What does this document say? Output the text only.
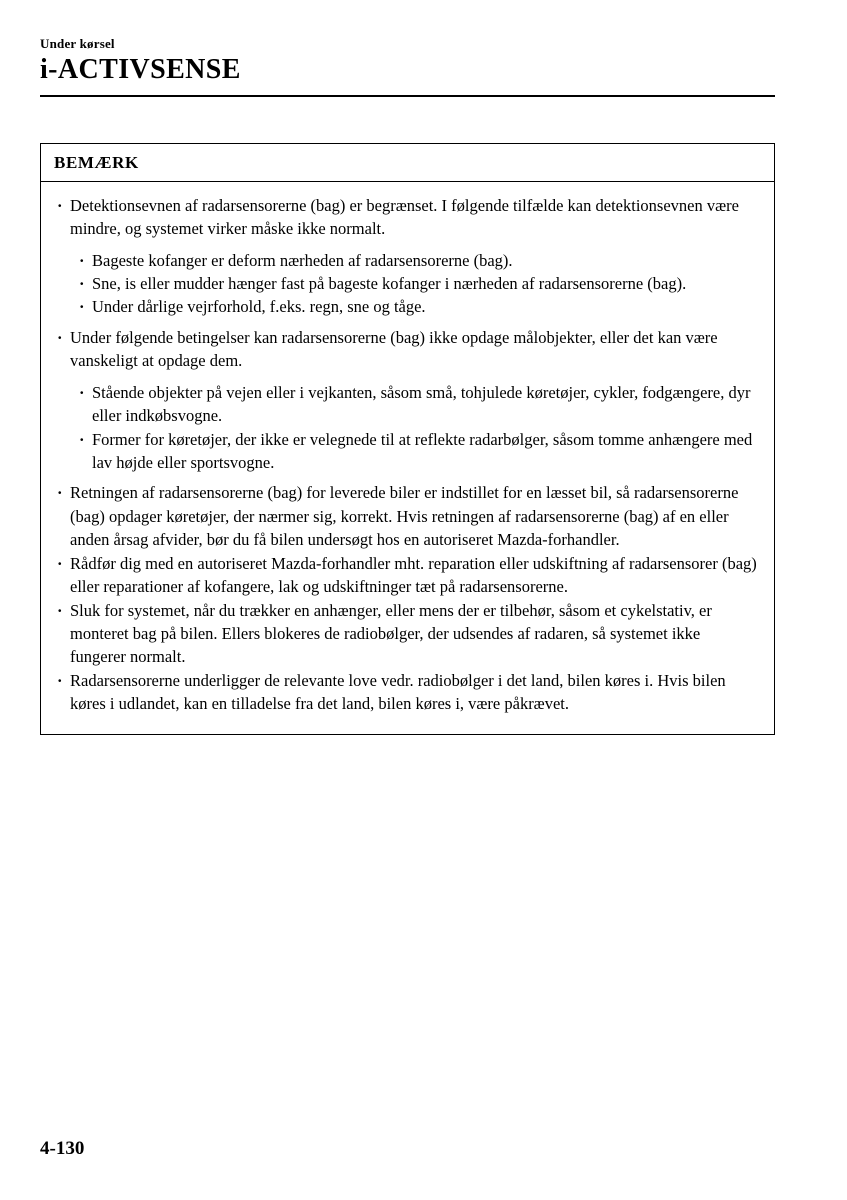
Under kørsel
i-ACTIVSENSE
BEMÆRK
· Detektionsevnen af radarsensorerne (bag) er begrænset. I følgende tilfælde kan detektionsevnen være mindre, og systemet virker måske ikke normalt.
· Bageste kofanger er deform nærheden af radarsensorerne (bag).
· Sne, is eller mudder hænger fast på bageste kofanger i nærheden af radarsensorerne (bag).
· Under dårlige vejrforhold, f.eks. regn, sne og tåge.
· Under følgende betingelser kan radarsensorerne (bag) ikke opdage målobjekter, eller det kan være vanskeligt at opdage dem.
· Stående objekter på vejen eller i vejkanten, såsom små, tohjulede køretøjer, cykler, fodgængere, dyr eller indkøbsvogne.
· Former for køretøjer, der ikke er velegnede til at reflekte radarbølger, såsom tomme anhængere med lav højde eller sportsvogne.
· Retningen af radarsensorerne (bag) for leverede biler er indstillet for en læsset bil, så radarsensorerne (bag) opdager køretøjer, der nærmer sig, korrekt. Hvis retningen af radarsensorerne (bag) af en eller anden årsag afvider, bør du få bilen undersøgt hos en autoriseret Mazda-forhandler.
· Rådfør dig med en autoriseret Mazda-forhandler mht. reparation eller udskiftning af radarsensorer (bag) eller reparationer af kofangere, lak og udskiftninger tæt på radarsensorerne.
· Sluk for systemet, når du trækker en anhænger, eller mens der er tilbehør, såsom et cykelstativ, er monteret bag på bilen. Ellers blokeres de radiobølger, der udsendes af radaren, så systemet ikke fungerer normalt.
· Radarsensorerne underligger de relevante love vedr. radiobølger i det land, bilen køres i. Hvis bilen køres i udlandet, kan en tilladelse fra det land, bilen køres i, være påkrævet.
4-130
